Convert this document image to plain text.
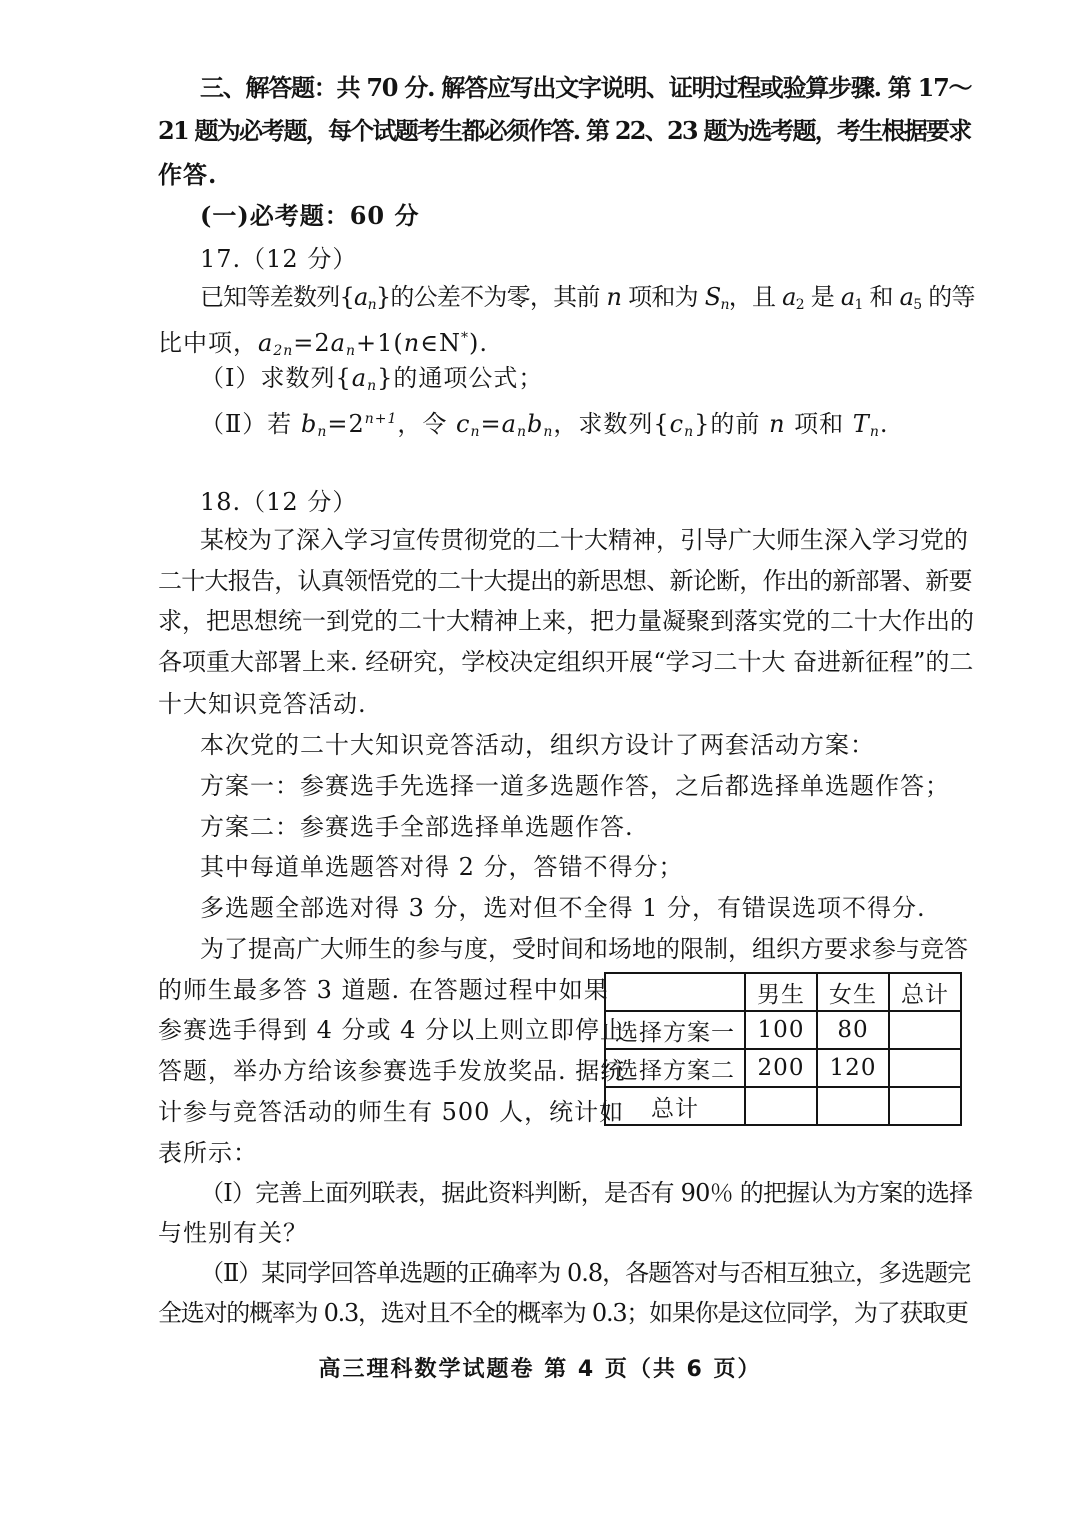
三、解答题：共 70 分. 解答应写出文字说明、证明过程或验算步骤. 第 17～
21 题为必考题，每个试题考生都必须作答. 第 22、23 题为选考题，考生根据要求
作答.
(一)必考题：60 分
17.（12 分）
已知等差数列$\{a_n\}$的公差不为零，其前 n 项和为 $S_n$，且 $a_2$ 是 $a_1$ 和 $a_5$ 的等
比中项，$a_{2n}=2a_n+1(n\in N^*)$.
（Ⅰ）求数列$\{a_n\}$的通项公式；
（Ⅱ）若 $b_n=2^{n+1}$，令 $c_n=a_nb_n$，求数列$\{c_n\}$的前 n 项和 $T_n$.
18.（12 分）
某校为了深入学习宣传贯彻党的二十大精神，引导广大师生深入学习党的
二十大报告，认真领悟党的二十大提出的新思想、新论断，作出的新部署、新要
求，把思想统一到党的二十大精神上来，把力量凝聚到落实党的二十大作出的
各项重大部署上来. 经研究，学校决定组织开展“学习二十大 奋进新征程”的二
十大知识竞答活动.
本次党的二十大知识竞答活动，组织方设计了两套活动方案：
方案一：参赛选手先选择一道多选题作答，之后都选择单选题作答；
方案二：参赛选手全部选择单选题作答.
其中每道单选题答对得 2 分，答错不得分；
多选题全部选对得 3 分，选对但不全得 1 分，有错误选项不得分.
为了提高广大师生的参与度，受时间和场地的限制，组织方要求参与竞答
的师生最多答 3 道题. 在答题过程中如果
参赛选手得到 4 分或 4 分以上则立即停止
答题，举办方给该参赛选手发放奖品. 据统
计参与竞答活动的师生有 500 人，统计如
表所示：
	男生	女生	总计
选择方案一	100	80	
选择方案二	200	120	
总计			
（Ⅰ）完善上面列联表，据此资料判断，是否有 90％ 的把握认为方案的选择
与性别有关？
（Ⅱ）某同学回答单选题的正确率为 0.8，各题答对与否相互独立，多选题完
全选对的概率为 0.3，选对且不全的概率为 0.3；如果你是这位同学，为了获取更
高三理科数学试题卷 第 4 页（共 6 页）
